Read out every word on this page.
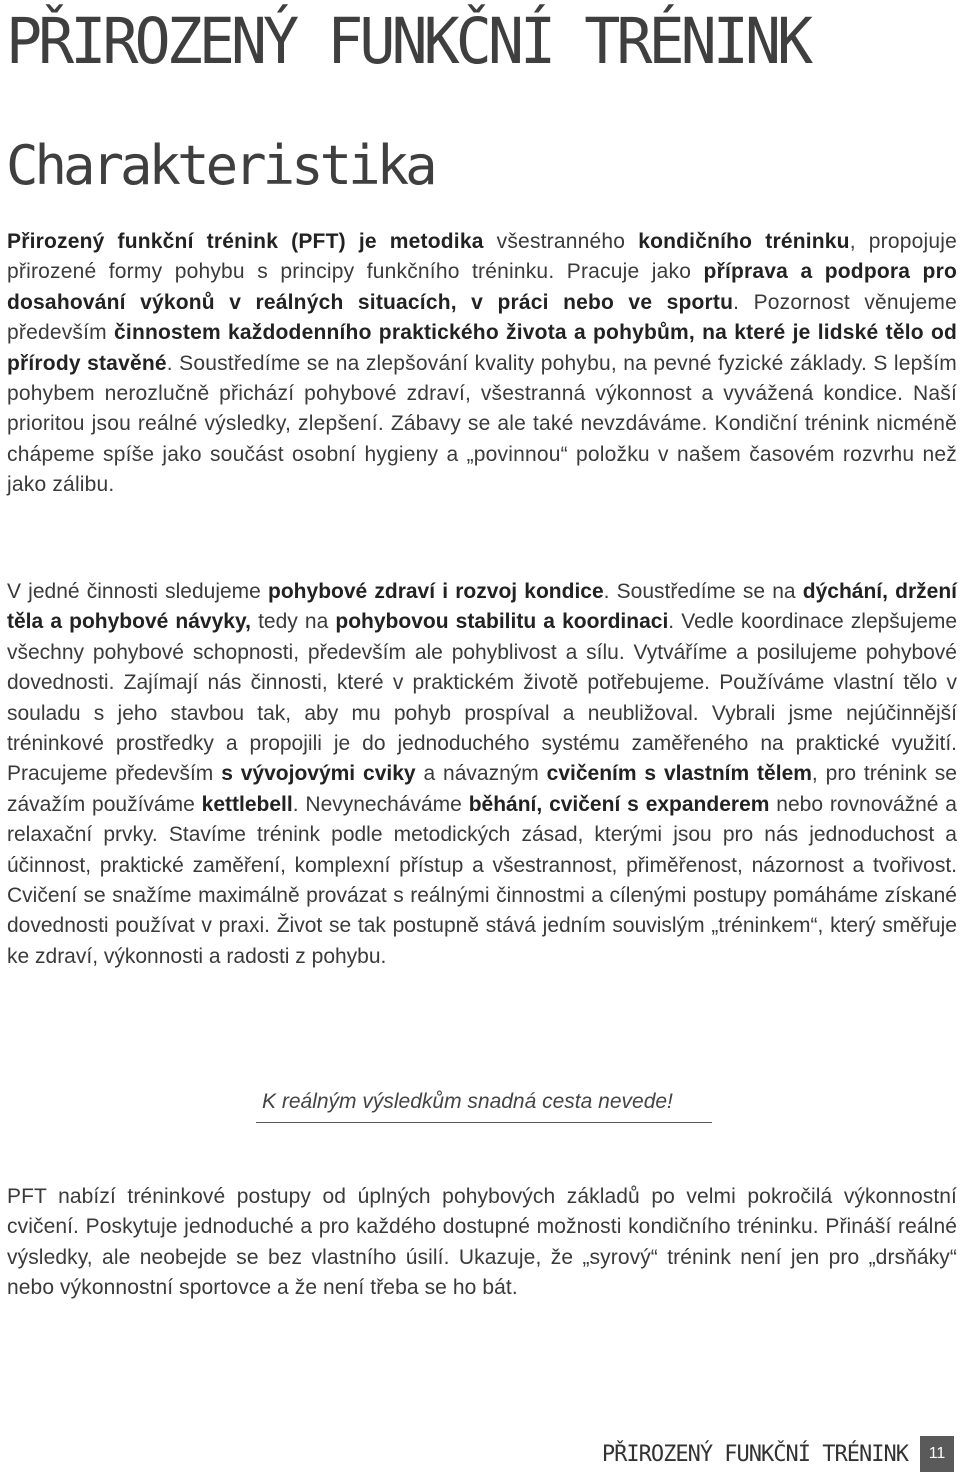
PŘIROZENÝ FUNKČNÍ TRÉNINK
Charakteristika

Přirozený funkční trénink (PFT) je metodika všestranného kondičního tréninku, propojuje přirozené formy pohybu s principy funkčního tréninku. Pracuje jako příprava a podpora pro dosahování výkonů v reálných situacích, v práci nebo ve sportu. Pozornost věnujeme především činnostem každodenního praktického života a pohybům, na které je lidské tělo od přírody stavěné. Soustředíme se na zlepšování kvality pohybu, na pevné fyzické základy. S lepším pohybem nerozlučně přichází pohybové zdraví, všestranná výkonnost a vyvážená kondice. Naší prioritou jsou reálné výsledky, zlepšení. Zábavy se ale také nevzdáváme. Kondiční trénink nicméně chápeme spíše jako součást osobní hygieny a „povinnou“ položku v našem časovém rozvrhu než jako zálibu.

V jedné činnosti sledujeme pohybové zdraví i rozvoj kondice. Soustředíme se na dýchání, držení těla a pohybové návyky, tedy na pohybovou stabilitu a koordinaci. Vedle koordinace zlepšujeme všechny pohybové schopnosti, především ale pohyblivost a sílu. Vytváříme a posilujeme pohybové dovednosti. Zajímají nás činnosti, které v praktickém životě potřebujeme. Používáme vlastní tělo v souladu s jeho stavbou tak, aby mu pohyb prospíval a neubližoval. Vybrali jsme nejúčinnější tréninkové prostředky a propojili je do jednoduchého systému zaměřeného na praktické využití. Pracujeme především s vývojovými cviky a návazným cvičením s vlastním tělem, pro trénink se závažím používáme kettlebell. Nevynecháváme běhání, cvičení s expanderem nebo rovnovážné a relaxační prvky. Stavíme trénink podle metodických zásad, kterými jsou pro nás jednoduchost a účinnost, praktické zaměření, komplexní přístup a všestrannost, přiměřenost, názornost a tvořivost. Cvičení se snažíme maximálně provázat s reálnými činnostmi a cílenými postupy pomáháme získané dovednosti používat v praxi. Život se tak postupně stává jedním souvislým „tréninkem“, který směřuje ke zdraví, výkonnosti a radosti z pohybu.

K reálným výsledkům snadná cesta nevede!

PFT nabízí tréninkové postupy od úplných pohybových základů po velmi pokročilá výkonnostní cvičení. Poskytuje jednoduché a pro každého dostupné možnosti kondičního tréninku. Přináší reálné výsledky, ale neobejde se bez vlastního úsilí. Ukazuje, že „syrový“ trénink není jen pro „drsňáky“ nebo výkonnostní sportovce a že není třeba se ho bát.

PŘIROZENÝ FUNKČNÍ TRÉNINK	11
